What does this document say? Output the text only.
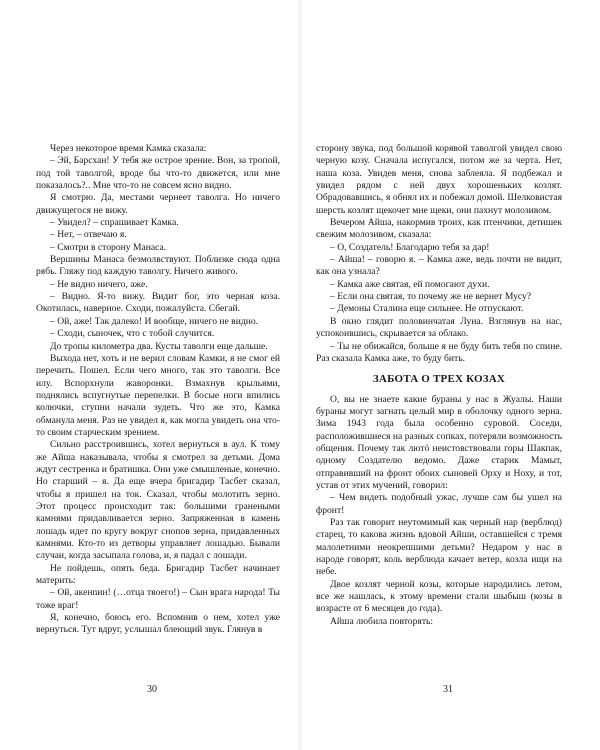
Через некоторое время Камка сказала:

– Эй, Барсхан! У тебя же острое зрение. Вон, за тропой, под той таволгой, вроде бы что-то движется, или мне показалось?.. Мне что-то не совсем ясно видно.

Я смотрю. Да, местами чернеет таволга. Но ничего движущегося не вижу.

– Увидел? – спрашивает Камка.

– Нет, – отвечаю я.

– Смотри в сторону Манаса.

Вершины Манаса безмолвствуют. Поблизке сюда одна рябь. Гляжу под каждую таволгу. Ничего живого.

– Не видно ничего, аже.

– Видно. Я-то вижу. Видит бог, это черная коза. Окотилась, наверное. Сходи, пожалуйста. Сбегай.

– Ой, аже! Так далеко! И вообще, ничего не видно.

– Сходи, сыночек, что с тобой случится.

До тропы километра два. Кусты таволги еще дальше.

Выхода нет, хоть и не верил словам Камки, я не смог ей перечить. Пошел. Если чего много, так это таволги. Все илу. Вспорхнули жаворонки. Взмахнув крыльями, поднялись вспугнутые перепелки. В босые ноги впились колючки, ступни начали зудеть. Что же это, Камка обманула меня. Раз не увидел я, как могла увидеть она что-то своим старческим зрением.

Сильно расстроившись, хотел вернуться в аул. К тому же Айша наказывала, чтобы я смотрел за детьми. Дома ждут сестренка и братишка. Они уже смышленые, конечно. Но старший – я. Да еще вчера бригадир Тасбет сказал, чтобы я пришел на ток. Сказал, чтобы молотить зерно. Этот процесс происходит так: большими гранеными камнями придавливается зерно. Запряженная в камень лошадь идет по кругу вокруг снопов зерна, придавленных камнями. Кто-то из детворы управляет лошадью. Бывали случаи, когда засыпала голова, и, я падал с лошади.

Не пойдешь, опять беда. Бригадир Тасбет начинает материть:

– Ой, акенnин! (…отца твоего!) – Сын врага народа! Ты тоже враг!

Я, конечно, боюсь его. Вспомнив о нем, хотел уже вернуться. Тут вдруг, услышал блеющий звук. Глянув в

30

сторону звука, под большой корявой таволгой увидел свою черную козу. Сначала испугался, потом же за черта. Нет, наша коза. Увидев меня, снова заблеяла. Я подбежал и увидел рядом с ней двух хорошеньких козлят. Обрадовавшись, я обнял их и побежал домой. Шелковистая шерсть козлят щекочет мне щеки, они пахнут молозивом.

Вечером Айша, накормив троих, как птенчики, детишек свежим молозивом, сказала:

– О, Создатель! Благодарю тебя за дар!

– Айша! – говорю я. – Камка аже, ведь почти не видит, как она узнала?

– Камка аже святая, ей помогают духи.

– Если она святая, то почему же не вернет Мусу?

– Демоны Сталина еще сильнее. Не отпускают.

В окно глядит половинчатая Луна. Взглянув на нас, успокоившись, скрывается за облако.

– Ты не обижайся, больше я не буду бить тебя по спине. Раз сказала Камка аже, то буду бить.

ЗАБОТА О ТРЕХ КОЗАХ

О, вы не знаете какие бураны у нас в Жуалы. Наши бураны могут загнать целый мир в оболочку одного зерна. Зима 1943 года была особенно суровой. Соседи, расположившиеся на разных сопках, потеряли возможность общения. Почему так лютö неистовствовали горы Шакпак, одному Создателю ведомо. Даже старик Мамыт, отправивший на фронт обоих сыновей Орху и Ноху, и тот, устав от этих мучений, говорил:

– Чем видеть подобный ужас, лучше сам бы ушел на фронт!

Раз так говорит неутомимый как черный нар (верблюд) старец, то какова жизнь вдовой Айши, оставшейся с тремя малолетними неокрепшими детьми? Недаром у нас в народе говорят, коль верблюда качает ветер, козла ищи на небе.

Двое козлят черной козы, которые народились летом, все же нашлась, к этому времени стали шыбыш (козы в возрасте от 6 месяцев до года).

Айша любила повторять:

31
